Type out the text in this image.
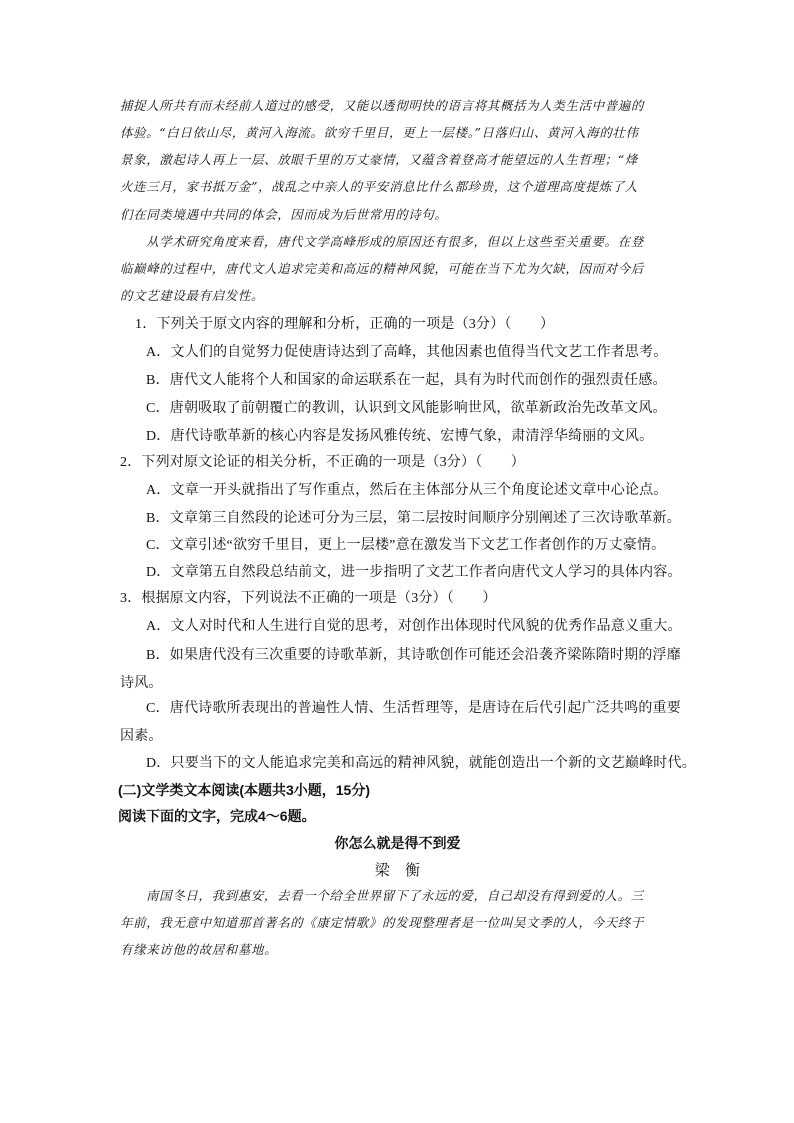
捕捉人所共有而未经前人道过的感受，又能以透彻明快的语言将其概括为人类生活中普遍的
体验。“白日依山尽，黄河入海流。欲穷千里目，更上一层楼。”日落归山、黄河入海的壮伟
景象，激起诗人再上一层、放眼千里的万丈豪情，又蕴含着登高才能望远的人生哲理；“烽
火连三月，家书抵万金”，战乱之中亲人的平安消息比什么都珍贵，这个道理高度提炼了人
们在同类境遇中共同的体会，因而成为后世常用的诗句。
从学术研究角度来看，唐代文学高峰形成的原因还有很多，但以上这些至关重要。在登
临巅峰的过程中，唐代文人追求完美和高远的精神风貌，可能在当下尤为欠缺，因而对今后
的文艺建设最有启发性。
1．下列关于原文内容的理解和分析，正确的一项是（3分）（　　）
A．文人们的自觉努力促使唐诗达到了高峰，其他因素也值得当代文艺工作者思考。
B．唐代文人能将个人和国家的命运联系在一起，具有为时代而创作的强烈责任感。
C．唐朝吸取了前朝覆亡的教训，认识到文风能影响世风，欲革新政治先改革文风。
D．唐代诗歌革新的核心内容是发扬风雅传统、宏博气象，肃清浮华绮丽的文风。
2．下列对原文论证的相关分析，不正确的一项是（3分）（　　）
A．文章一开头就指出了写作重点，然后在主体部分从三个角度论述文章中心论点。
B．文章第三自然段的论述可分为三层，第二层按时间顺序分别阐述了三次诗歌革新。
C．文章引述“欲穷千里目，更上一层楼”意在激发当下文艺工作者创作的万丈豪情。
D．文章第五自然段总结前文，进一步指明了文艺工作者向唐代文人学习的具体内容。
3．根据原文内容，下列说法不正确的一项是（3分）（　　）
A．文人对时代和人生进行自觉的思考，对创作出体现时代风貌的优秀作品意义重大。
B．如果唐代没有三次重要的诗歌革新，其诗歌创作可能还会沿袭齐梁陈隋时期的浮靡
诗风。
C．唐代诗歌所表现出的普遍性人情、生活哲理等，是唐诗在后代引起广泛共鸣的重要
因素。
D．只要当下的文人能追求完美和高远的精神风貌，就能创造出一个新的文艺巅峰时代。
(二)文学类文本阅读(本题共3小题，15分)
阅读下面的文字，完成4～6题。
你怎么就是得不到爱
梁　衡
南国冬日，我到惠安，去看一个给全世界留下了永远的爱，自己却没有得到爱的人。三
年前，我无意中知道那首著名的《康定情歌》的发现整理者是一位叫吴文季的人，今天终于
有缘来访他的故居和墓地。
